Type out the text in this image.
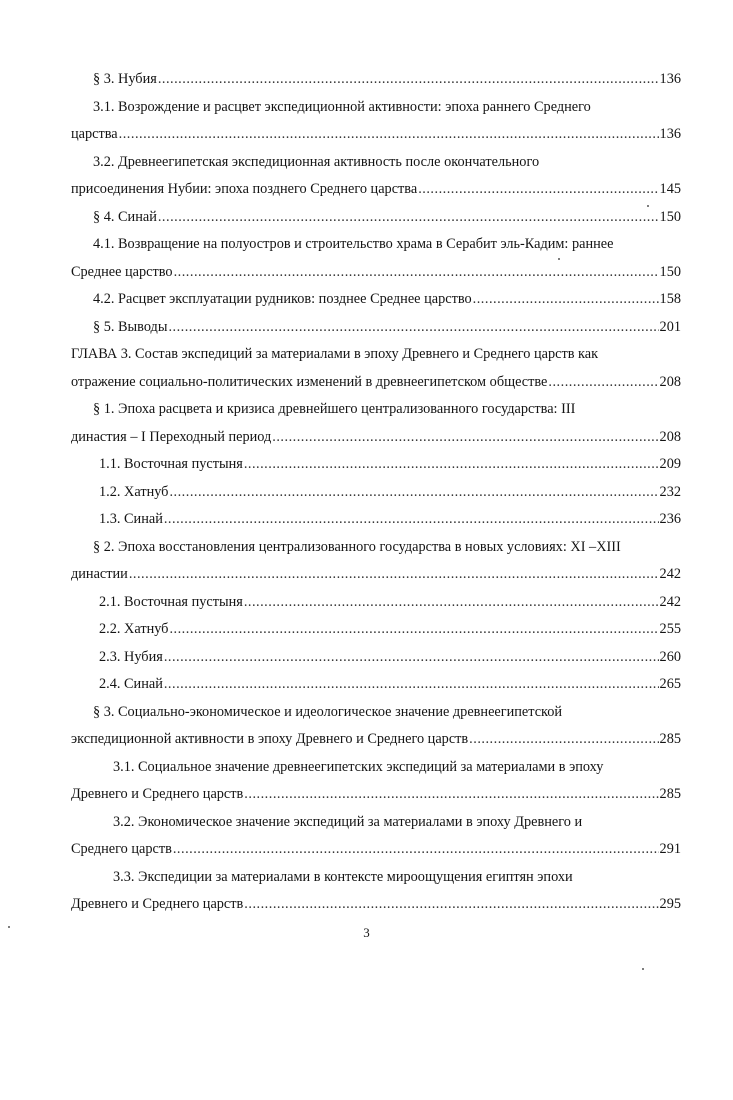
§ 3. Нубия .....	136
3.1. Возрождение и расцвет экспедиционной активности: эпоха раннего Среднего
царства .....	136
3.2. Древнеегипетская экспедиционная активность после окончательного
присоединения Нубии: эпоха позднего Среднего царства .....	145
§ 4. Синай .....	150
4.1. Возвращение на полуостров и строительство храма в Серабит эль-Кадим: раннее
Среднее царство .....	150
4.2. Расцвет эксплуатации рудников: позднее Среднее царство .....	158
§ 5. Выводы .....	201
ГЛАВА 3. Состав экспедиций за материалами в эпоху Древнего и Среднего царств как
отражение социально-политических изменений в древнеегипетском обществе .....	208
§ 1. Эпоха расцвета и кризиса древнейшего централизованного государства: III
династия – I Переходный период .....	208
1.1. Восточная пустыня .....	209
1.2. Хатнуб .....	232
1.3. Синай .....	236
§ 2. Эпоха восстановления централизованного государства в новых условиях: XI –XIII
династии .....	242
2.1. Восточная пустыня .....	242
2.2. Хатнуб .....	255
2.3. Нубия .....	260
2.4. Синай .....	265
§ 3. Социально-экономическое и идеологическое значение древнеегипетской
экспедиционной активности в эпоху Древнего и Среднего царств .....	285
3.1. Социальное значение древнеегипетских экспедиций за материалами в эпоху
Древнего и Среднего царств .....	285
3.2. Экономическое значение экспедиций за материалами в эпоху Древнего и
Среднего царств .....	291
3.3. Экспедиции за материалами в контексте мироощущения египтян эпохи
Древнего и Среднего царств .....	295
3
